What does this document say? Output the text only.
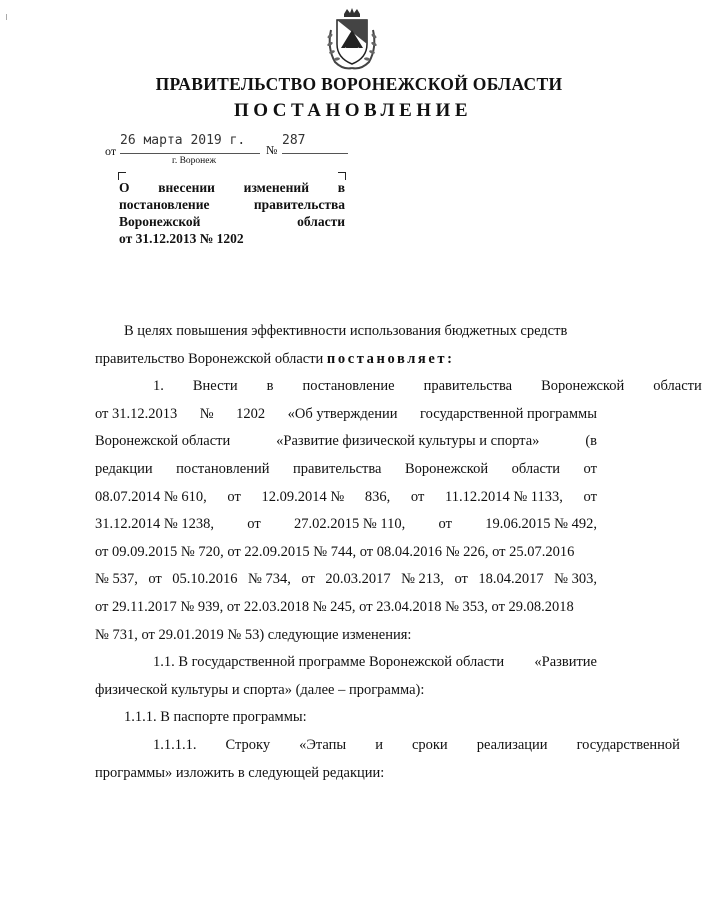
ПРАВИТЕЛЬСТВО ВОРОНЕЖСКОЙ ОБЛАСТИ
ПОСТАНОВЛЕНИЕ
от
26 марта 2019 г.
№
287
г. Воронеж
О внесении изменений в
постановление	правительства
Воронежской	области
от 31.12.2013 № 1202

В целях повышения эффективности использования бюджетных средств

правительство Воронежской области постановляет:

1.	Внести	в	постановление	правительства	Воронежской	области
от 31.12.2013 № 1202 «Об утверждении государственной программы
Воронежской области	«Развитие физической культуры и спорта»	(в
редакции постановлений правительства Воронежской области от
08.07.2014 № 610, от 12.09.2014 № 836, от 11.12.2014 № 1133, от
31.12.2014 № 1238, от 27.02.2015 № 110, от 19.06.2015 № 492,

от 09.09.2015 № 720, от 22.09.2015 № 744, от 08.04.2016 № 226, от 25.07.2016

№ 537, от 05.10.2016 № 734, от 20.03.2017 № 213, от 18.04.2017 № 303,

от 29.11.2017 № 939, от 22.03.2018 № 245, от 23.04.2018 № 353, от 29.08.2018

№ 731, от 29.01.2019 № 53) следующие изменения:

1.1. В государственной программе Воронежской области	«Развитие

физической культуры и спорта» (далее – программа):

1.1.1. В паспорте программы:

1.1.1.1.	Строку	«Этапы	и	сроки	реализации	государственной

программы» изложить в следующей редакции:
